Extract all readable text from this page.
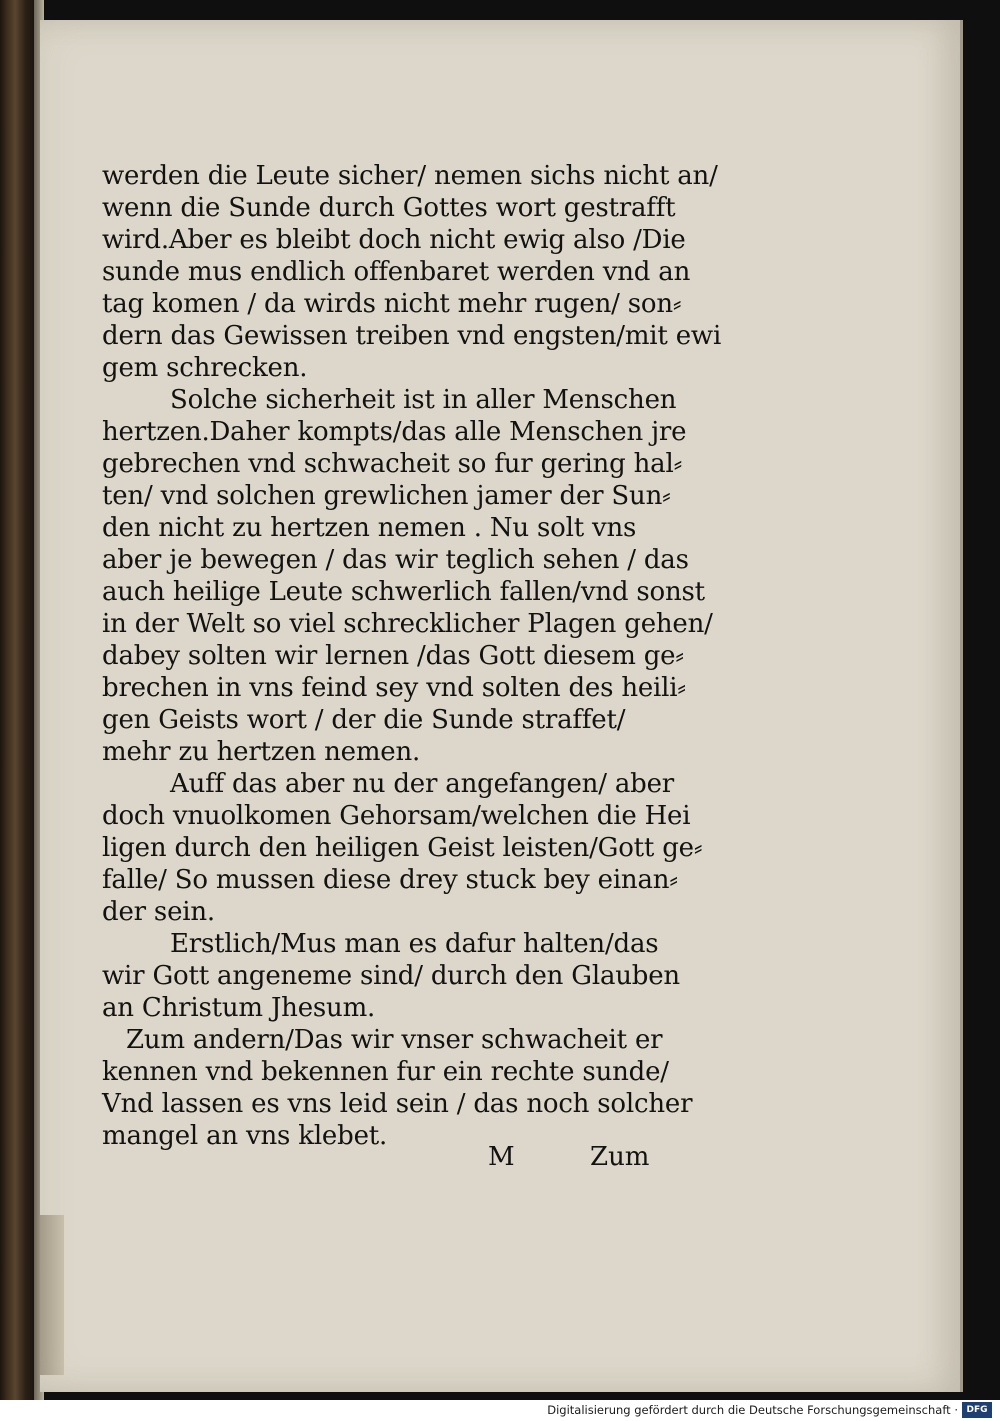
werden die Leute sicher/ nemen sichs nicht an/
wenn die Sunde durch Gottes wort gestrafft
wird.Aber es bleibt doch nicht ewig also /Die
sunde mus endlich offenbaret werden vnd an
tag komen / da wirds nicht mehr rugen/ son⸗
dern das Gewissen treiben vnd engsten/mit ewi
gem schrecken.
Solche sicherheit ist in aller Menschen
hertzen.Daher kompts/das alle Menschen jre
gebrechen vnd schwacheit so fur gering hal⸗
ten/ vnd solchen grewlichen jamer der Sun⸗
den nicht zu hertzen nemen . Nu solt vns
aber je bewegen / das wir teglich sehen / das
auch heilige Leute schwerlich fallen/vnd sonst
in der Welt so viel schrecklicher Plagen gehen/
dabey solten wir lernen /das Gott diesem ge⸗
brechen in vns feind sey vnd solten des heili⸗
gen Geists wort / der die Sunde straffet/
mehr zu hertzen nemen.
Auff das aber nu der angefangen/ aber
doch vnuolkomen Gehorsam/welchen die Hei
ligen durch den heiligen Geist leisten/Gott ge⸗
falle/ So mussen diese drey stuck bey einan⸗
der sein.
Erstlich/Mus man es dafur halten/das
wir Gott angeneme sind/ durch den Glauben
an Christum Jhesum.
Zum andern/Das wir vnser schwacheit er
kennen vnd bekennen fur ein rechte sunde/
Vnd lassen es vns leid sein / das noch solcher
mangel an vns klebet.
M	Zum
Digitalisierung gefördert durch die Deutsche Forschungsgemeinschaft · DFG
